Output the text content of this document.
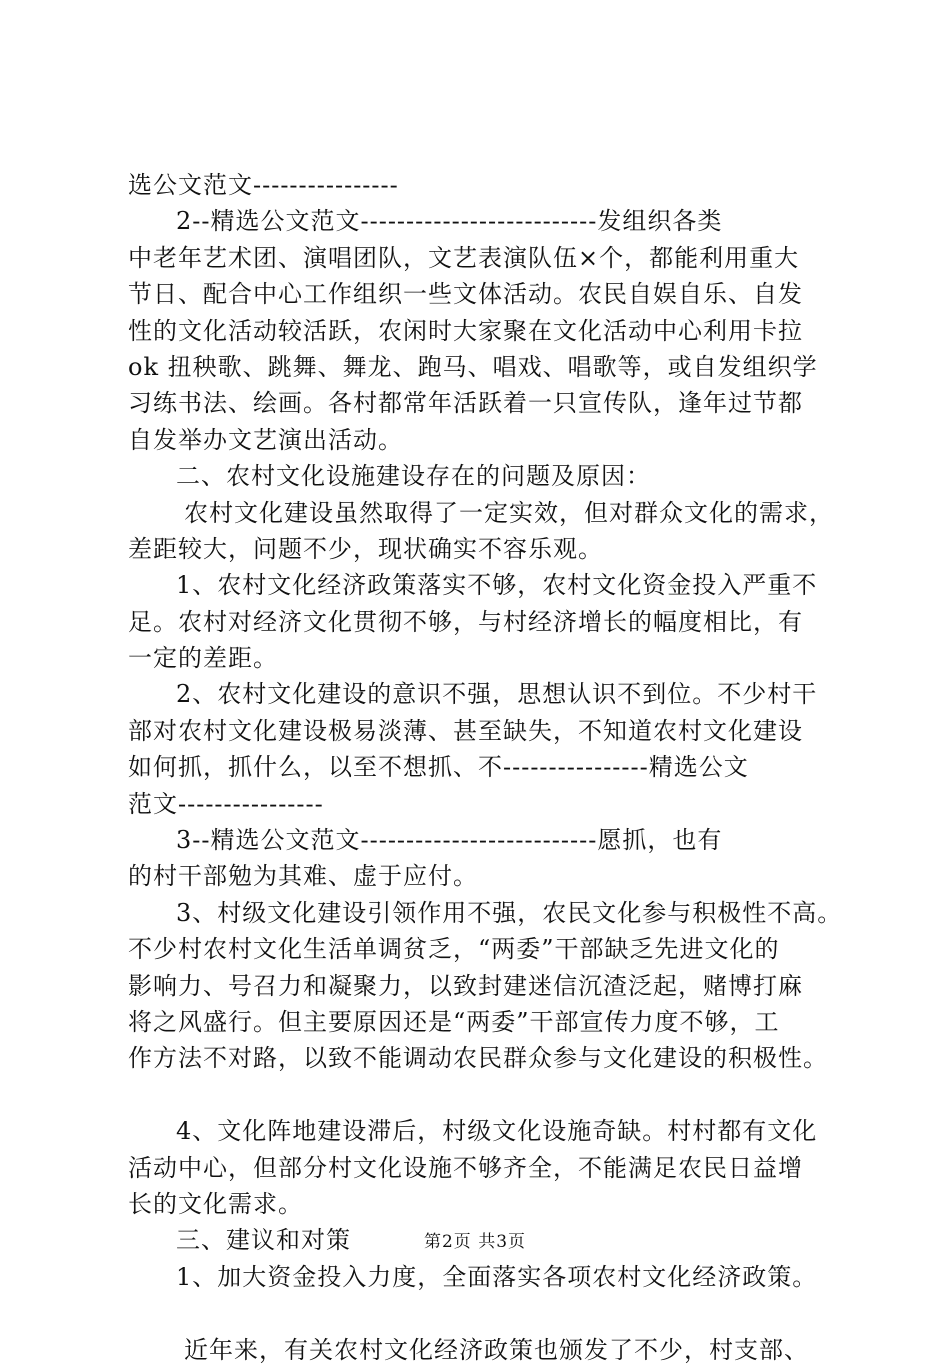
选公文范文----------------
2--精选公文范文--------------------------发组织各类
中老年艺术团、演唱团队，文艺表演队伍×个，都能利用重大
节日、配合中心工作组织一些文体活动。农民自娱自乐、自发
性的文化活动较活跃，农闲时大家聚在文化活动中心利用卡拉
ok 扭秧歌、跳舞、舞龙、跑马、唱戏、唱歌等，或自发组织学
习练书法、绘画。各村都常年活跃着一只宣传队，逢年过节都
自发举办文艺演出活动。
二、农村文化设施建设存在的问题及原因：
农村文化建设虽然取得了一定实效，但对群众文化的需求，
差距较大，问题不少，现状确实不容乐观。
1、农村文化经济政策落实不够，农村文化资金投入严重不
足。农村对经济文化贯彻不够，与村经济增长的幅度相比，有
一定的差距。
2、农村文化建设的意识不强，思想认识不到位。不少村干
部对农村文化建设极易淡薄、甚至缺失，不知道农村文化建设
如何抓，抓什么，以至不想抓、不----------------精选公文
范文----------------
3--精选公文范文--------------------------愿抓，也有
的村干部勉为其难、虚于应付。
3、村级文化建设引领作用不强，农民文化参与积极性不高。
不少村农村文化生活单调贫乏，“两委”干部缺乏先进文化的
影响力、号召力和凝聚力，以致封建迷信沉渣泛起，赌博打麻
将之风盛行。但主要原因还是“两委”干部宣传力度不够，工
作方法不对路，以致不能调动农民群众参与文化建设的积极性。
4、文化阵地建设滞后，村级文化设施奇缺。村村都有文化
活动中心，但部分村文化设施不够齐全，不能满足农民日益增
长的文化需求。
三、建议和对策
1、加大资金投入力度，全面落实各项农村文化经济政策。
近年来，有关农村文化经济政策也颁发了不少，村支部、
第2页 共3页
